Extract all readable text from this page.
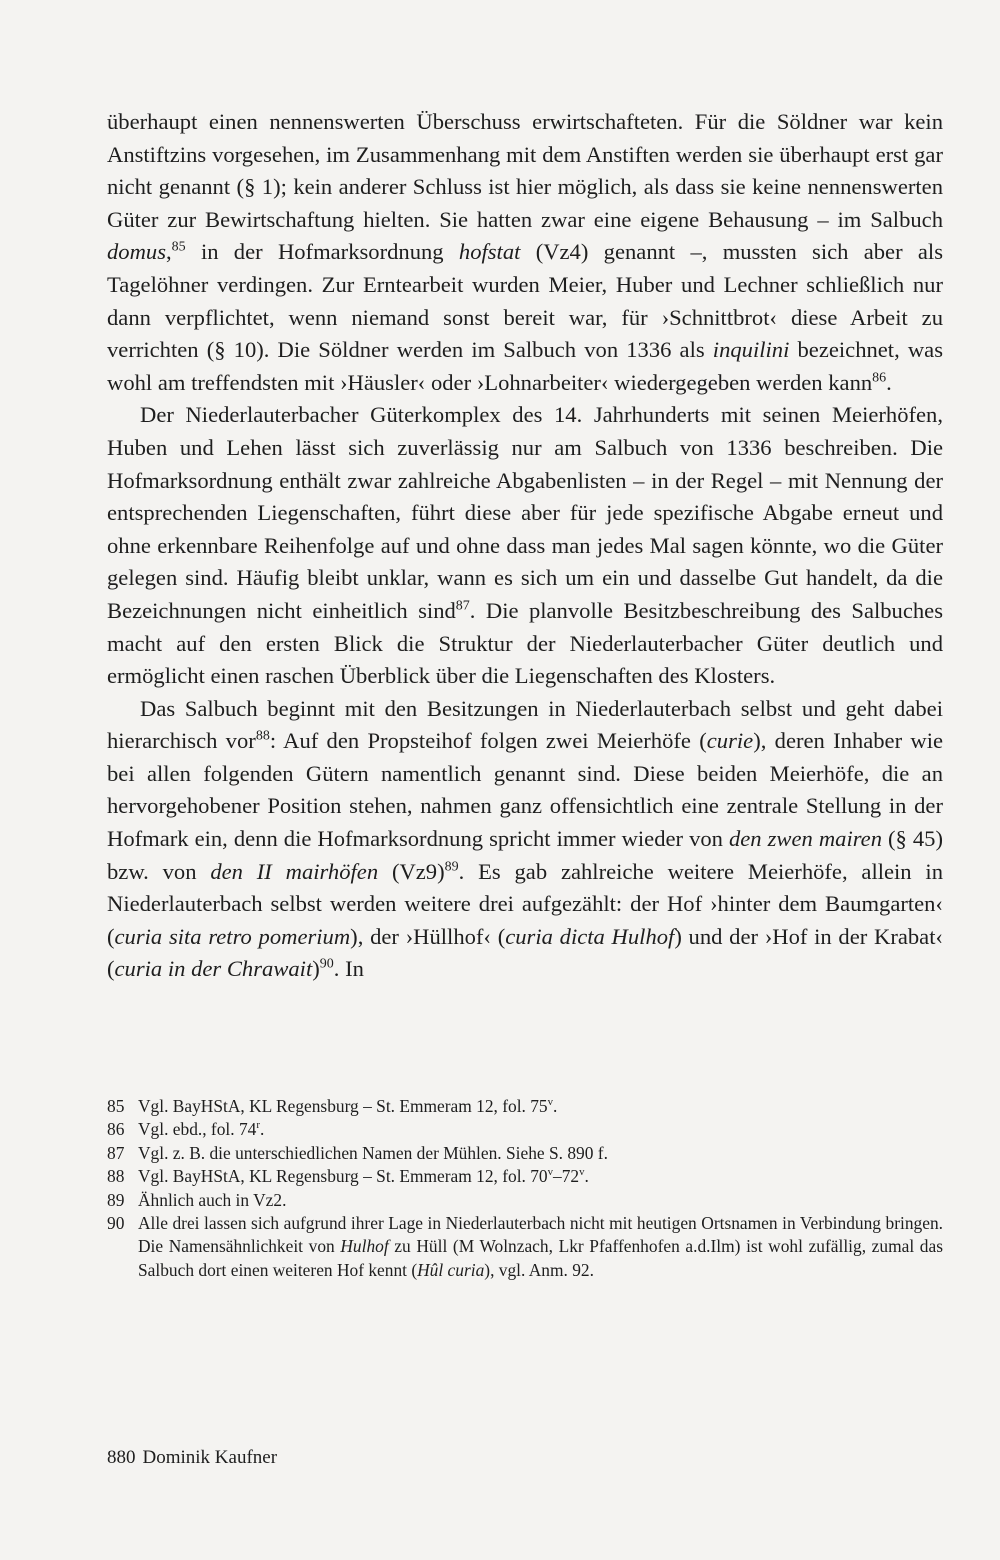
überhaupt einen nennenswerten Überschuss erwirtschafteten. Für die Söldner war kein Anstiftzins vorgesehen, im Zusammenhang mit dem Anstiften werden sie überhaupt erst gar nicht genannt (§ 1); kein anderer Schluss ist hier möglich, als dass sie keine nennenswerten Güter zur Bewirtschaftung hielten. Sie hatten zwar eine eigene Behausung – im Salbuch domus,$^{85}$ in der Hofmarksordnung hofstat (Vz4) genannt –, mussten sich aber als Tagelöhner verdingen. Zur Erntearbeit wurden Meier, Huber und Lechner schließlich nur dann verpflichtet, wenn niemand sonst bereit war, für ›Schnittbrot‹ diese Arbeit zu verrichten (§ 10). Die Söldner werden im Salbuch von 1336 als inquilini bezeichnet, was wohl am treffendsten mit ›Häusler‹ oder ›Lohnarbeiter‹ wiedergegeben werden kann$^{86}$.

Der Niederlauterbacher Güterkomplex des 14. Jahrhunderts mit seinen Meierhöfen, Huben und Lehen lässt sich zuverlässig nur am Salbuch von 1336 beschreiben. Die Hofmarksordnung enthält zwar zahlreiche Abgabenlisten – in der Regel – mit Nennung der entsprechenden Liegenschaften, führt diese aber für jede spezifische Abgabe erneut und ohne erkennbare Reihenfolge auf und ohne dass man jedes Mal sagen könnte, wo die Güter gelegen sind. Häufig bleibt unklar, wann es sich um ein und dasselbe Gut handelt, da die Bezeichnungen nicht einheitlich sind$^{87}$. Die planvolle Besitzbeschreibung des Salbuches macht auf den ersten Blick die Struktur der Niederlauterbacher Güter deutlich und ermöglicht einen raschen Überblick über die Liegenschaften des Klosters.

Das Salbuch beginnt mit den Besitzungen in Niederlauterbach selbst und geht dabei hierarchisch vor$^{88}$: Auf den Propsteihof folgen zwei Meierhöfe (curie), deren Inhaber wie bei allen folgenden Gütern namentlich genannt sind. Diese beiden Meierhöfe, die an hervorgehobener Position stehen, nahmen ganz offensichtlich eine zentrale Stellung in der Hofmark ein, denn die Hofmarksordnung spricht immer wieder von den zwen mairen (§ 45) bzw. von den II mairhöfen $(Vz9)^{89}$. Es gab zahlreiche weitere Meierhöfe, allein in Niederlauterbach selbst werden weitere drei aufgezählt: der Hof ›hinter dem Baumgarten‹ (curia sita retro pomerium), der ›Hüllhof‹ (curia dicta Hulhof) und der ›Hof in der Krabat‹ (curia in der Chrawait)$^{90}$. In

85 Vgl. BayHStA, KL Regensburg – St. Emmeram 12, fol. 75$^v$.
86 Vgl. ebd., fol. 74$^r$.
87 Vgl. z. B. die unterschiedlichen Namen der Mühlen. Siehe S. 890 f.
88 Vgl. BayHStA, KL Regensburg – St. Emmeram 12, fol. 70$^v$–72$^v$.
89 Ähnlich auch in Vz2.
90 Alle drei lassen sich aufgrund ihrer Lage in Niederlauterbach nicht mit heutigen Ortsnamen in Verbindung bringen. Die Namensähnlichkeit von Hulhof zu Hüll (M Wolnzach, Lkr Pfaffenhofen a.d.Ilm) ist wohl zufällig, zumal das Salbuch dort einen weiteren Hof kennt (Hûl curia), vgl. Anm. 92.
880 Dominik Kaufner
